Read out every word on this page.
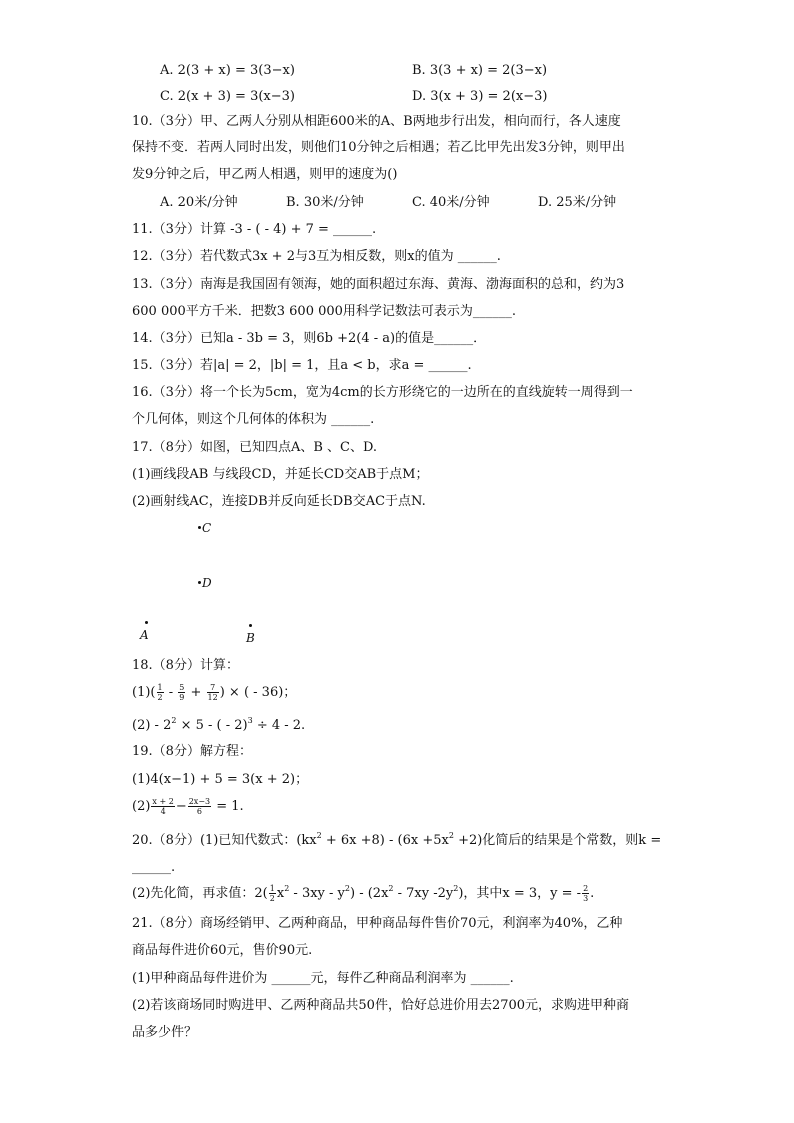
A. 2(3 + x) = 3(3−x)	B. 3(3 + x) = 2(3−x)
C. 2(x + 3) = 3(x−3)	D. 3(x + 3) = 2(x−3)
10.（3分）甲、乙两人分别从相距600米的A、B两地步行出发，相向而行，各人速度
保持不变．若两人同时出发，则他们10分钟之后相遇；若乙比甲先出发3分钟，则甲出
发9分钟之后，甲乙两人相遇，则甲的速度为()
A. 20米/分钟	B. 30米/分钟	C. 40米/分钟	D. 25米/分钟
11.（3分）计算 -3 - ( - 4) + 7 = ______.
12.（3分）若代数式3x + 2与3互为相反数，则x的值为 ______.
13.（3分）南海是我国固有领海，她的面积超过东海、黄海、渤海面积的总和，约为3
600 000平方千米．把数3 600 000用科学记数法可表示为______.
14.（3分）已知a - 3b = 3，则6b +2(4 - a)的值是______．
15.（3分）若|a| = 2，|b| = 1，且a < b，求a = ______.
16.（3分）将一个长为5cm，宽为4cm的长方形绕它的一边所在的直线旋转一周得到一
个几何体，则这个几何体的体积为 ______.
17.（8分）如图，已知四点A、B 、C、D.
(1)画线段AB 与线段CD，并延长CD交AB于点M；
(2)画射线AC，连接DB并反向延长DB交AC于点N.
C
D
A	B
18.（8分）计算：
$(1)( \frac{1}{2} - \frac{5}{9} + \frac{7}{12}$ ) × ( - 36)；
$(2) - 2^2 \times 5$ - ( - 2)$^3$ ÷ 4 - 2.
19.（8分）解方程：
(1)4(x−1) + 5 = 3(x + 2)；
$(2) \frac{x + 2}{4} - \frac{2x-3}{6} = 1$.
20.（8分）(1)已知代数式：$(kx^2 + 6x +8) - (6x +5x^2 +2)$化简后的结果是个常数，则k =
______.
(2)先化简，再求值：$2( \frac{1}{2} x^2 - 3xy - y^2) - (2x^2 - 7xy$ $-2y^2$)，其中x = 3，y = - $\frac{2}{3}$ .
21.（8分）商场经销甲、乙两种商品，甲种商品每件售价70元，利润率为40%，乙种
商品每件进价60元，售价90元.
(1)甲种商品每件进价为 ______元，每件乙种商品利润率为 ______.
(2)若该商场同时购进甲、乙两种商品共50件，恰好总进价用去2700元，求购进甲种商
品多少件？
